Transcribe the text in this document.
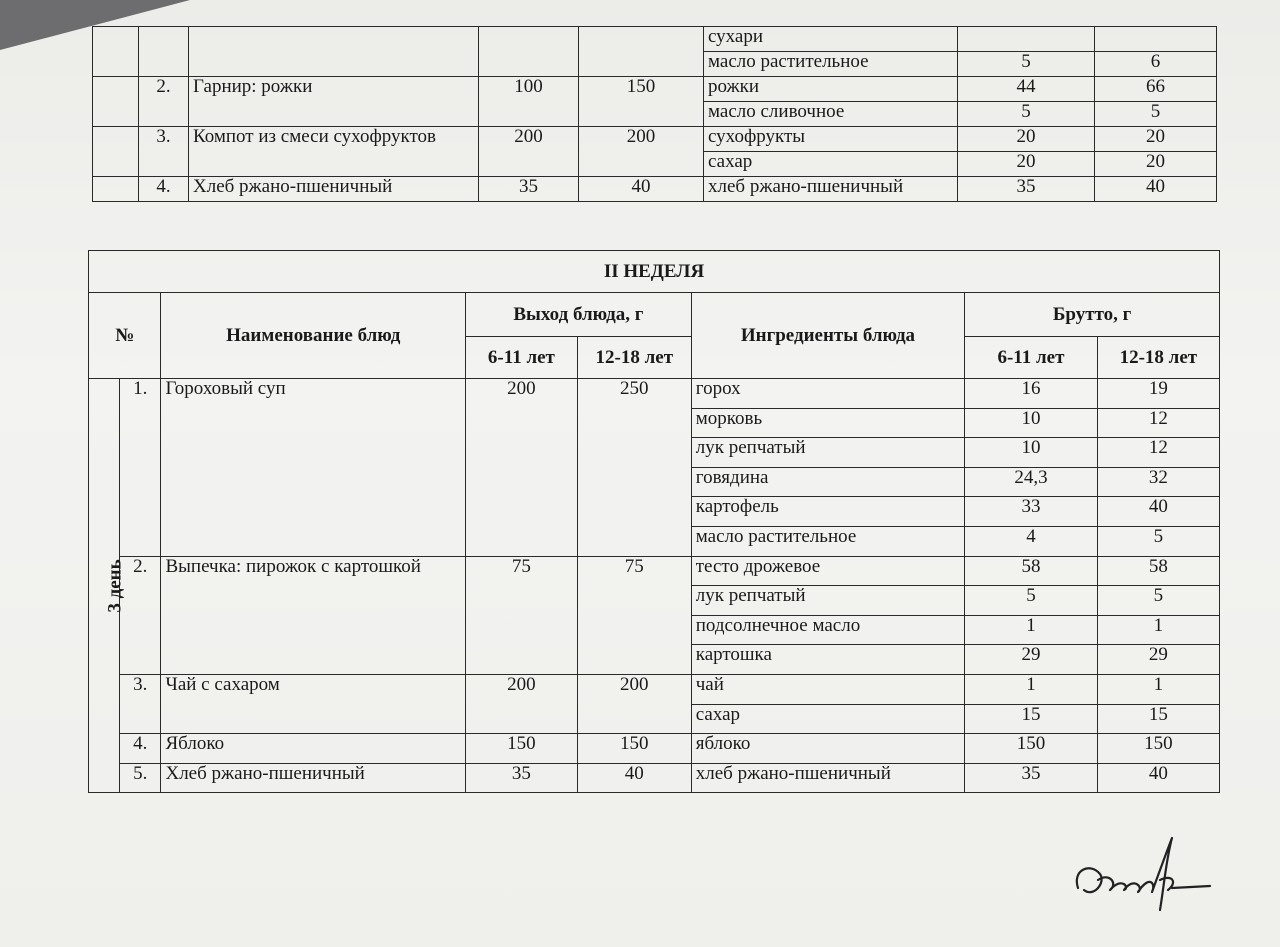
					сухари		
					масло растительное	5	6
	2.	Гарнир: рожки	100	150	рожки	44	66
					масло сливочное	5	5
	3.	Компот из смеси сухофруктов	200	200	сухофрукты	20	20
					сахар	20	20
	4.	Хлеб ржано-пшеничный	35	40	хлеб ржано-пшеничный	35	40
II НЕДЕЛЯ							
№		Наименование блюд	Выход блюда, г		Ингредиенты блюда	Брутто, г	
			6-11 лет	12-18 лет		6-11 лет	12-18 лет
3 день	1.	Гороховый суп	200	250	горох	16	19
					морковь	10	12
					лук репчатый	10	12
					говядина	24,3	32
					картофель	33	40
					масло растительное	4	5
	2.	Выпечка: пирожок с картошкой	75	75	тесто дрожевое	58	58
					лук репчатый	5	5
					подсолнечное масло	1	1
					картошка	29	29
	3.	Чай с сахаром	200	200	чай	1	1
					сахар	15	15
	4.	Яблоко	150	150	яблоко	150	150
	5.	Хлеб ржано-пшеничный	35	40	хлеб ржано-пшеничный	35	40
